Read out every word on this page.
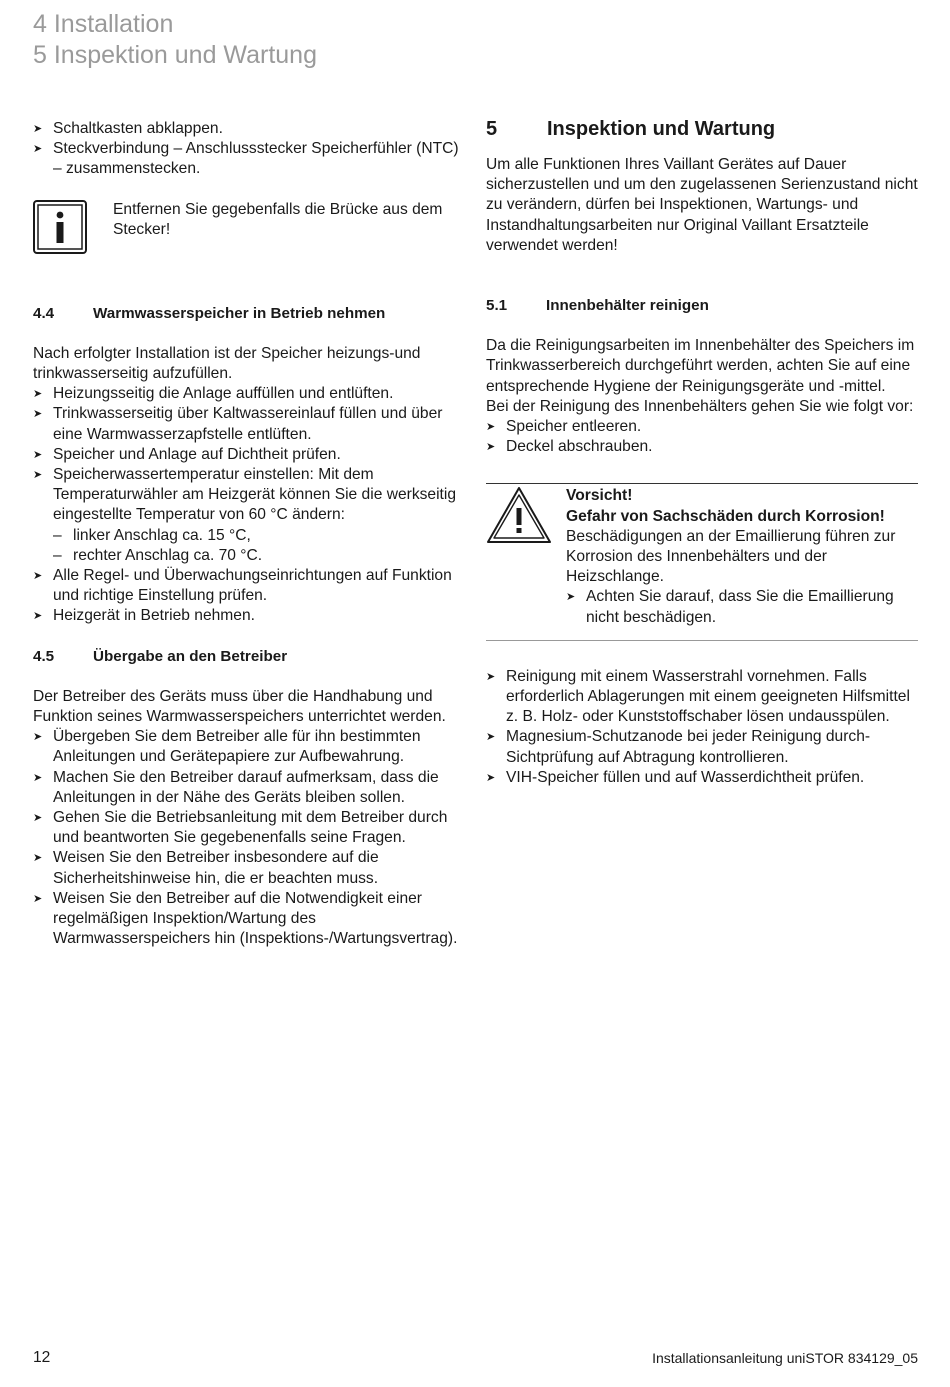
4 Installation
5 Inspektion und Wartung
➤ Schaltkasten abklappen.
➤ Steckverbindung – Anschlussstecker Speicherfühler (NTC) – zusammenstecken.

Entfernen Sie gegebenfalls die Brücke aus dem Stecker!

4.4	Warmwasserspeicher in Betrieb nehmen

Nach erfolgter Installation ist der Speicher heizungs-und trinkwasserseitig aufzufüllen.

➤ Heizungsseitig die Anlage auffüllen und entlüften.
➤ Trinkwasserseitig über Kaltwassereinlauf füllen und über eine Warmwasserzapfstelle entlüften.
➤ Speicher und Anlage auf Dichtheit prüfen.
➤ Speicherwassertemperatur einstellen: Mit dem Temperaturwähler am Heizgerät können Sie die werkseitig eingestellte Temperatur von 60 °C ändern:
– linker Anschlag ca. 15 °C,
– rechter Anschlag ca. 70 °C.
➤ Alle Regel- und Überwachungseinrichtungen auf Funktion und richtige Einstellung prüfen.
➤ Heizgerät in Betrieb nehmen.
4.5	Übergabe an den Betreiber

Der Betreiber des Geräts muss über die Handhabung und Funktion seines Warmwasserspeichers unterrichtet werden.

➤ Übergeben Sie dem Betreiber alle für ihn bestimmten Anleitungen und Gerätepapiere zur Aufbewahrung.
➤ Machen Sie den Betreiber darauf aufmerksam, dass die Anleitungen in der Nähe des Geräts bleiben sollen.
➤ Gehen Sie die Betriebsanleitung mit dem Betreiber durch und beantworten Sie gegebenenfalls seine Fragen.
➤ Weisen Sie den Betreiber insbesondere auf die Sicherheitshinweise hin, die er beachten muss.
➤ Weisen Sie den Betreiber auf die Notwendigkeit einer regelmäßigen Inspektion/Wartung des Warmwasserspeichers hin (Inspektions-/Wartungsvertrag).
5 Inspektion und Wartung

Um alle Funktionen Ihres Vaillant Gerätes auf Dauer sicherzustellen und um den zugelassenen Serienzustand nicht zu verändern, dürfen bei Inspektionen, Wartungs- und Instandhaltungsarbeiten nur Original Vaillant Ersatzteile verwendet werden!

5.1	Innenbehälter reinigen

Da die Reinigungsarbeiten im Innenbehälter des Speichers im Trinkwasserbereich durchgeführt werden, achten Sie auf eine entsprechende Hygiene der Reinigungsgeräte und -mittel.

Bei der Reinigung des Innenbehälters gehen Sie wie folgt vor:

➤ Speicher entleeren.
➤ Deckel abschrauben.
Vorsicht!
Gefahr von Sachschäden durch Korrosion!

Beschädigungen an der Emaillierung führen zur Korrosion des Innenbehälters und der Heizschlange.

➤ Achten Sie darauf, dass Sie die Emaillierung nicht beschädigen.
➤ Reinigung mit einem Wasserstrahl vornehmen. Falls erforderlich Ablagerungen mit einem geeigneten Hilfsmittel z. B. Holz- oder Kunststoffschaber lösen undausspülen.
➤ Magnesium-Schutzanode bei jeder Reinigung durch-Sichtprüfung auf Abtragung kontrollieren.
➤ VIH-Speicher füllen und auf Wasserdichtheit prüfen.
12	Installationsanleitung uniSTOR 834129_05
